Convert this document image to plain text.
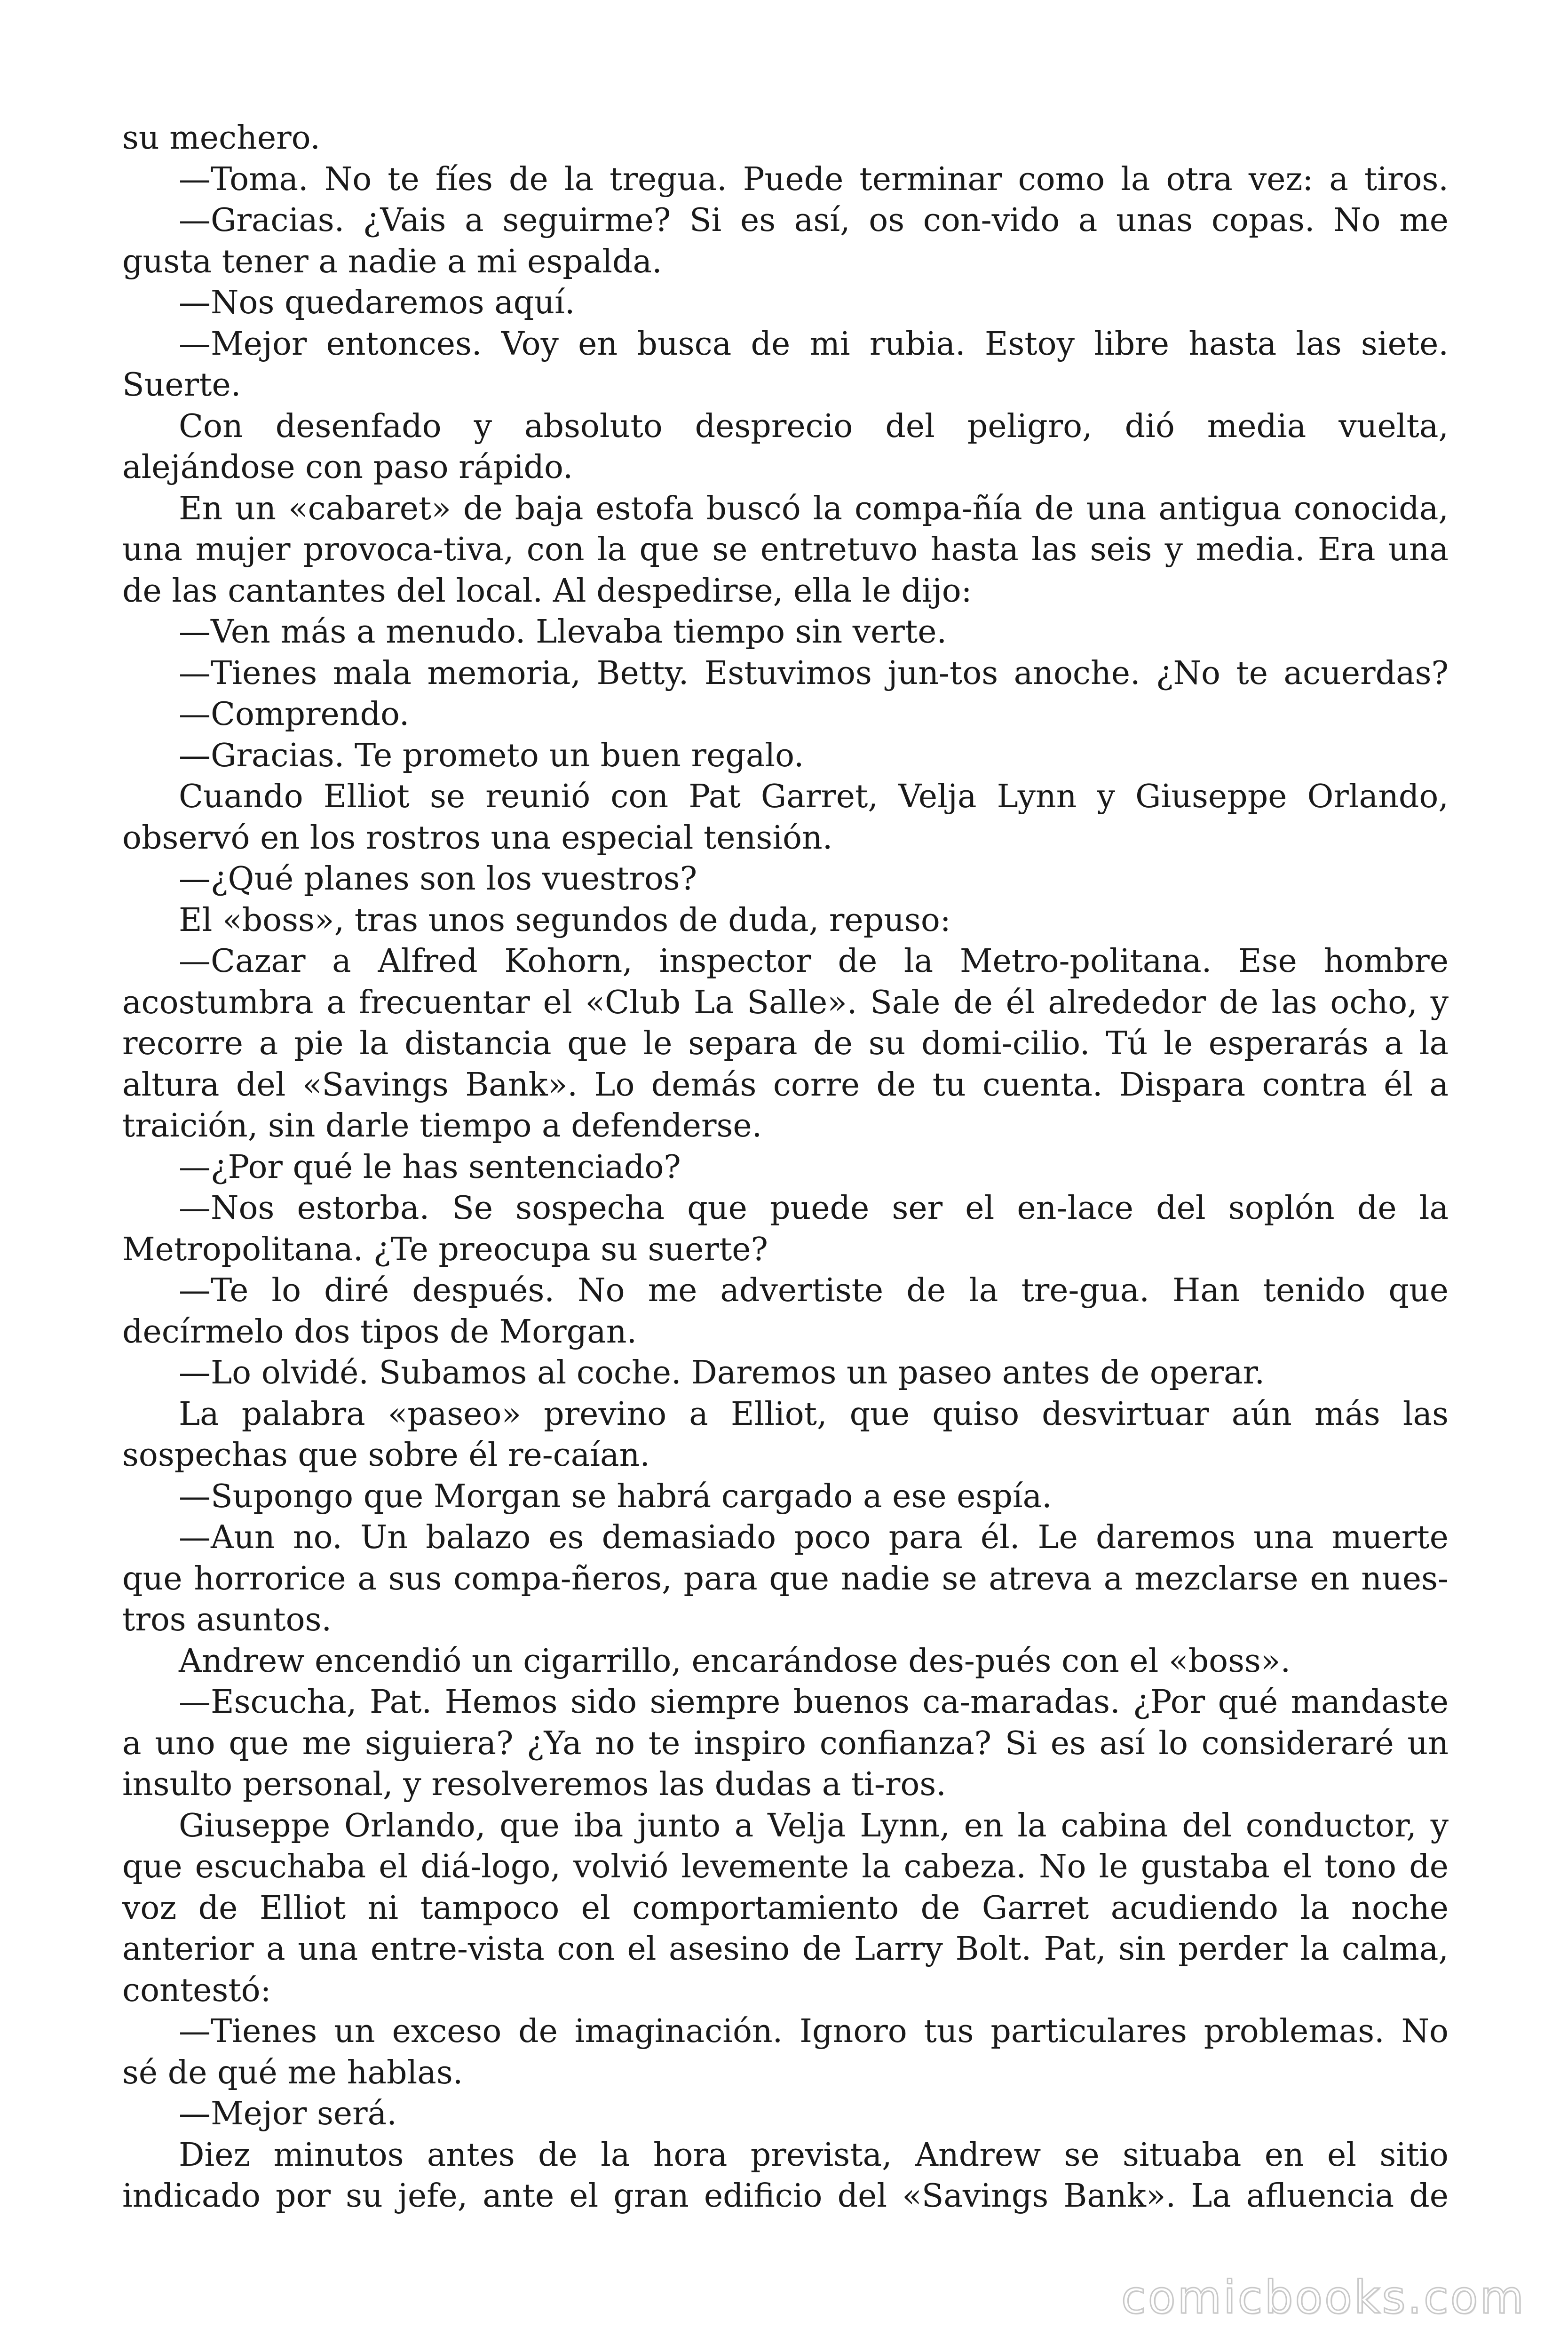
su mechero.
—Toma. No te fíes de la tregua. Puede terminar como la otra vez: a tiros.
—Gracias. ¿Vais a seguirme? Si es así, os con-vido a unas copas. No me
gusta tener a nadie a mi espalda.
—Nos quedaremos aquí.
—Mejor entonces. Voy en busca de mi rubia. Estoy libre hasta las siete.
Suerte.
Con desenfado y absoluto desprecio del peligro, dió media vuelta,
alejándose con paso rápido.
En un «cabaret» de baja estofa buscó la compa-ñía de una antigua conocida,
una mujer provoca-tiva, con la que se entretuvo hasta las seis y media. Era una
de las cantantes del local. Al despedirse, ella le dijo:
—Ven más a menudo. Llevaba tiempo sin verte.
—Tienes mala memoria, Betty. Estuvimos jun-tos anoche. ¿No te acuerdas?
—Comprendo.
—Gracias. Te prometo un buen regalo.
Cuando Elliot se reunió con Pat Garret, Velja Lynn y Giuseppe Orlando,
observó en los rostros una especial tensión.
—¿Qué planes son los vuestros?
El «boss», tras unos segundos de duda, repuso:
—Cazar a Alfred Kohorn, inspector de la Metro-politana. Ese hombre
acostumbra a frecuentar el «Club La Salle». Sale de él alrededor de las ocho, y
recorre a pie la distancia que le separa de su domi-cilio. Tú le esperarás a la
altura del «Savings Bank». Lo demás corre de tu cuenta. Dispara contra él a
traición, sin darle tiempo a defenderse.
—¿Por qué le has sentenciado?
—Nos estorba. Se sospecha que puede ser el en-lace del soplón de la
Metropolitana. ¿Te preocupa su suerte?
—Te lo diré después. No me advertiste de la tre-gua. Han tenido que
decírmelo dos tipos de Morgan.
—Lo olvidé. Subamos al coche. Daremos un paseo antes de operar.
La palabra «paseo» previno a Elliot, que quiso desvirtuar aún más las
sospechas que sobre él re-caían.
—Supongo que Morgan se habrá cargado a ese espía.
—Aun no. Un balazo es demasiado poco para él. Le daremos una muerte
que horrorice a sus compa-ñeros, para que nadie se atreva a mezclarse en nues-
tros asuntos.
Andrew encendió un cigarrillo, encarándose des-pués con el «boss».
—Escucha, Pat. Hemos sido siempre buenos ca-maradas. ¿Por qué mandaste
a uno que me siguiera? ¿Ya no te inspiro confianza? Si es así lo consideraré un
insulto personal, y resolveremos las dudas a ti-ros.
Giuseppe Orlando, que iba junto a Velja Lynn, en la cabina del conductor, y
que escuchaba el diá-logo, volvió levemente la cabeza. No le gustaba el tono de
voz de Elliot ni tampoco el comportamiento de Garret acudiendo la noche
anterior a una entre-vista con el asesino de Larry Bolt. Pat, sin perder la calma,
contestó:
—Tienes un exceso de imaginación. Ignoro tus particulares problemas. No
sé de qué me hablas.
—Mejor será.
Diez minutos antes de la hora prevista, Andrew se situaba en el sitio
indicado por su jefe, ante el gran edificio del «Savings Bank». La afluencia de
comicbooks.com
